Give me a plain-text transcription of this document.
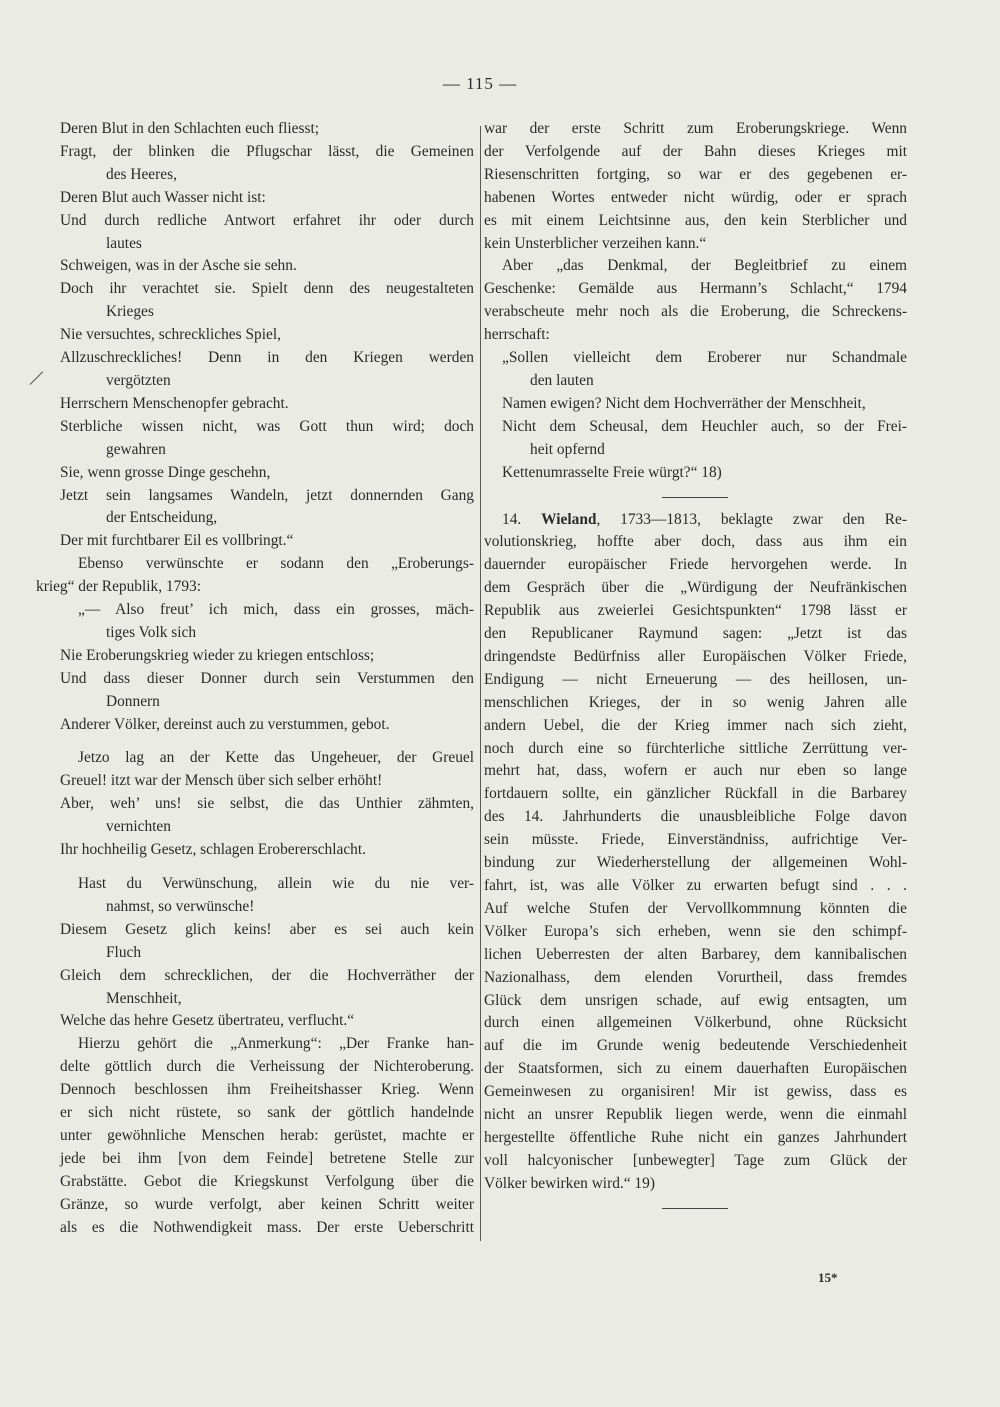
— 115 —
Deren Blut in den Schlachten euch fliesst;
Fragt, der blinken die Pflugschar lässt, die Gemeinen
des Heeres,
Deren Blut auch Wasser nicht ist:
Und durch redliche Antwort erfahret ihr oder durch
lautes
Schweigen, was in der Asche sie sehn.
Doch ihr verachtet sie. Spielt denn des neugestalteten
Krieges
Nie versuchtes, schreckliches Spiel,
Allzuschreckliches! Denn in den Kriegen werden
vergötzten
Herrschern Menschenopfer gebracht.
Sterbliche wissen nicht, was Gott thun wird; doch
gewahren
Sie, wenn grosse Dinge geschehn,
Jetzt sein langsames Wandeln, jetzt donnernden Gang
der Entscheidung,
Der mit furchtbarer Eil es vollbringt.“
Ebenso verwünschte er sodann den „Eroberungs-
krieg“ der Republik, 1793:
„— Also freut’ ich mich, dass ein grosses, mäch-
tiges Volk sich
Nie Eroberungskrieg wieder zu kriegen entschloss;
Und dass dieser Donner durch sein Verstummen den
Donnern
Anderer Völker, dereinst auch zu verstummen, gebot.
Jetzo lag an der Kette das Ungeheuer, der Greuel
Greuel! itzt war der Mensch über sich selber erhöht!
Aber, weh’ uns! sie selbst, die das Unthier zähmten,
vernichten
Ihr hochheilig Gesetz, schlagen Erobererschlacht.
Hast du Verwünschung, allein wie du nie ver-
nahmst, so verwünsche!
Diesem Gesetz glich keins! aber es sei auch kein
Fluch
Gleich dem schrecklichen, der die Hochverräther der
Menschheit,
Welche das hehre Gesetz übertrateu, verflucht.“
Hierzu gehört die „Anmerkung“: „Der Franke han-
delte göttlich durch die Verheissung der Nichteroberung.
Dennoch beschlossen ihm Freiheitshasser Krieg. Wenn
er sich nicht rüstete, so sank der göttlich handelnde
unter gewöhnliche Menschen herab: gerüstet, machte er
jede bei ihm [von dem Feinde] betretene Stelle zur
Grabstätte. Gebot die Kriegskunst Verfolgung über die
Gränze, so wurde verfolgt, aber keinen Schritt weiter
als es die Nothwendigkeit mass. Der erste Ueberschritt
war der erste Schritt zum Eroberungskriege. Wenn
der Verfolgende auf der Bahn dieses Krieges mit
Riesenschritten fortging, so war er des gegebenen er-
habenen Wortes entweder nicht würdig, oder er sprach
es mit einem Leichtsinne aus, den kein Sterblicher und
kein Unsterblicher verzeihen kann.“
Aber „das Denkmal, der Begleitbrief zu einem
Geschenke: Gemälde aus Hermann’s Schlacht,“ 1794
verabscheute mehr noch als die Eroberung, die Schreckens-
herrschaft:
„Sollen vielleicht dem Eroberer nur Schandmale
den lauten
Namen ewigen? Nicht dem Hochverräther der Menschheit,
Nicht dem Scheusal, dem Heuchler auch, so der Frei-
heit opfernd
Kettenumrasselte Freie würgt?“ 18)
14. Wieland, 1733—1813, beklagte zwar den Re-
volutionskrieg, hoffte aber doch, dass aus ihm ein
dauernder europäischer Friede hervorgehen werde. In
dem Gespräch über die „Würdigung der Neufränkischen
Republik aus zweierlei Gesichtspunkten“ 1798 lässt er
den Republicaner Raymund sagen: „Jetzt ist das
dringendste Bedürfniss aller Europäischen Völker Friede,
Endigung — nicht Erneuerung — des heillosen, un-
menschlichen Krieges, der in so wenig Jahren alle
andern Uebel, die der Krieg immer nach sich zieht,
noch durch eine so fürchterliche sittliche Zerrüttung ver-
mehrt hat, dass, wofern er auch nur eben so lange
fortdauern sollte, ein gänzlicher Rückfall in die Barbarey
des 14. Jahrhunderts die unausbleibliche Folge davon
sein müsste. Friede, Einverständniss, aufrichtige Ver-
bindung zur Wiederherstellung der allgemeinen Wohl-
fahrt, ist, was alle Völker zu erwarten befugt sind . . .
Auf welche Stufen der Vervollkommnung könnten die
Völker Europa’s sich erheben, wenn sie den schimpf-
lichen Ueberresten der alten Barbarey, dem kannibalischen
Nazionalhass, dem elenden Vorurtheil, dass fremdes
Glück dem unsrigen schade, auf ewig entsagten, um
durch einen allgemeinen Völkerbund, ohne Rücksicht
auf die im Grunde wenig bedeutende Verschiedenheit
der Staatsformen, sich zu einem dauerhaften Europäischen
Gemeinwesen zu organisiren! Mir ist gewiss, dass es
nicht an unsrer Republik liegen werde, wenn die einmahl
hergestellte öffentliche Ruhe nicht ein ganzes Jahrhundert
voll halcyonischer [unbewegter] Tage zum Glück der
Völker bewirken wird.“ 19)
15*
